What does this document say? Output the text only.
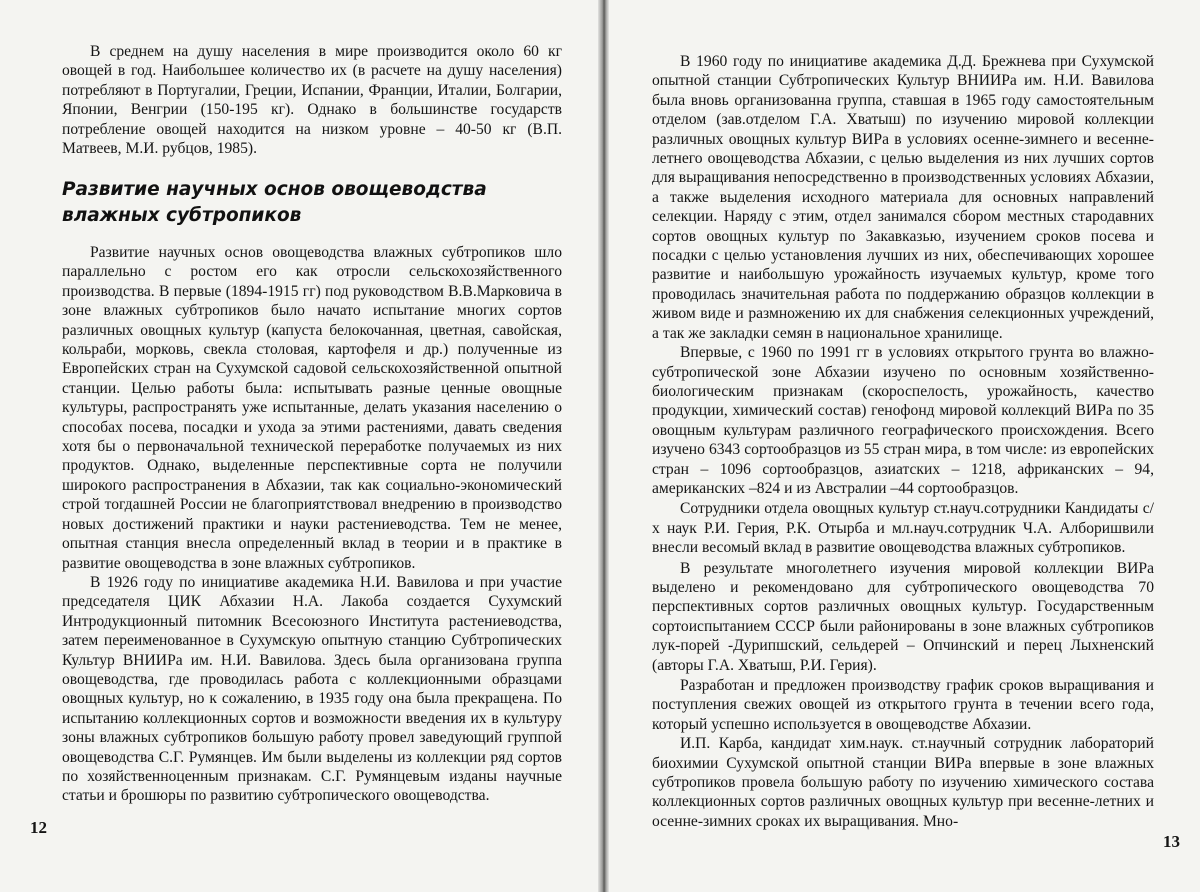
В среднем на душу населения в мире производится около 60 кг овощей в год. Наибольшее количество их (в расчете на душу населения) потребляют в Португалии, Греции, Испании, Франции, Италии, Болгарии, Японии, Венгрии (150-195 кг). Однако в большинстве государств потребление овощей находится на низком уровне – 40-50 кг (В.П. Матвеев, М.И. рубцов, 1985).

Развитие научных основ овощеводства влажных субтропиков

Развитие научных основ овощеводства влажных субтропиков шло параллельно с ростом его как отросли сельскохозяйственного производства. В первые (1894-1915 гг) под руководством В.В.Марковича в зоне влажных субтропиков было начато испытание многих сортов различных овощных культур (капуста белокочанная, цветная, савойская, кольраби, морковь, свекла столовая, картофеля и др.) полученные из Европейских стран на Сухумской садовой сельскохозяйственной опытной станции. Целью работы была: испытывать разные ценные овощные культуры, распространять уже испытанные, делать указания населению о способах посева, посадки и ухода за этими растениями, давать сведения хотя бы о первоначальной технической переработке получаемых из них продуктов. Однако, выделенные перспективные сорта не получили широкого распространения в Абхазии, так как социально-экономический строй тогдашней России не благоприятствовал внедрению в производство новых достижений практики и науки растениеводства. Тем не менее, опытная станция внесла определенный вклад в теории и в практике в развитие овощеводства в зоне влажных субтропиков.

В 1926 году по инициативе академика Н.И. Вавилова и при участие председателя ЦИК Абхазии Н.А. Лакоба создается Сухумский Интродукционный питомник Всесоюзного Института растениеводства, затем переименованное в Сухумскую опытную станцию Субтропических Культур ВНИИРа им. Н.И. Вавилова. Здесь была организована группа овощеводства, где проводилась работа с коллекционными образцами овощных культур, но к сожалению, в 1935 году она была прекращена. По испытанию коллекционных сортов и возможности введения их в культуру зоны влажных субтропиков большую работу провел заведующий группой овощеводства С.Г. Румянцев. Им были выделены из коллекции ряд сортов по хозяйственноценным признакам. С.Г. Румянцевым изданы научные статьи и брошюры по развитию субтропического овощеводства.

12

В 1960 году по инициативе академика Д.Д. Брежнева при Сухумской опытной станции Субтропических Культур ВНИИРа им. Н.И. Вавилова была вновь организованна группа, ставшая в 1965 году самостоятельным отделом (зав.отделом Г.А. Хватыш) по изучению мировой коллекции различных овощных культур ВИРа в условиях осенне-зимнего и весенне-летнего овощеводства Абхазии, с целью выделения из них лучших сортов для выращивания непосредственно в производственных условиях Абхазии, а также выделения исходного материала для основных направлений селекции. Наряду с этим, отдел занимался сбором местных стародавних сортов овощных культур по Закавказью, изучением сроков посева и посадки с целью установления лучших из них, обеспечивающих хорошее развитие и наибольшую урожайность изучаемых культур, кроме того проводилась значительная работа по поддержанию образцов коллекции в живом виде и размножению их для снабжения селекционных учреждений, а так же закладки семян в национальное хранилище.

Впервые, с 1960 по 1991 гг в условиях открытого грунта во влажно-субтропической зоне Абхазии изучено по основным хозяйственно-биологическим признакам (скороспелость, урожайность, качество продукции, химический состав) генофонд мировой коллекций ВИРа по 35 овощным культурам различного географического происхождения. Всего изучено 6343 сортообразцов из 55 стран мира, в том числе: из европейских стран – 1096 сортообразцов, азиатских – 1218, африканских – 94, американских –824 и из Австралии –44 сортообразцов.

Сотрудники отдела овощных культур ст.науч.сотрудники Кандидаты с/х наук Р.И. Герия, Р.К. Отырба и мл.науч.сотрудник Ч.А. Алборишвили внесли весомый вклад в развитие овощеводства влажных субтропиков.

В результате многолетнего изучения мировой коллекции ВИРа выделено и рекомендовано для субтропического овощеводства 70 перспективных сортов различных овощных культур. Государственным сортоиспытанием СССР были районированы в зоне влажных субтропиков лук-порей -Дурипшский, сельдерей – Опчинский и перец Лыхненский (авторы Г.А. Хватыш, Р.И. Герия).

Разработан и предложен производству график сроков выращивания и поступления свежих овощей из открытого грунта в течении всего года, который успешно используется в овощеводстве Абхазии.

И.П. Карба, кандидат хим.наук. ст.научный сотрудник лабораторий биохимии Сухумской опытной станции ВИРа впервые в зоне влажных субтропиков провела большую работу по изучению химического состава коллекционных сортов различных овощных культур при весенне-летних и осенне-зимних сроках их выращивания. Мно-

13
